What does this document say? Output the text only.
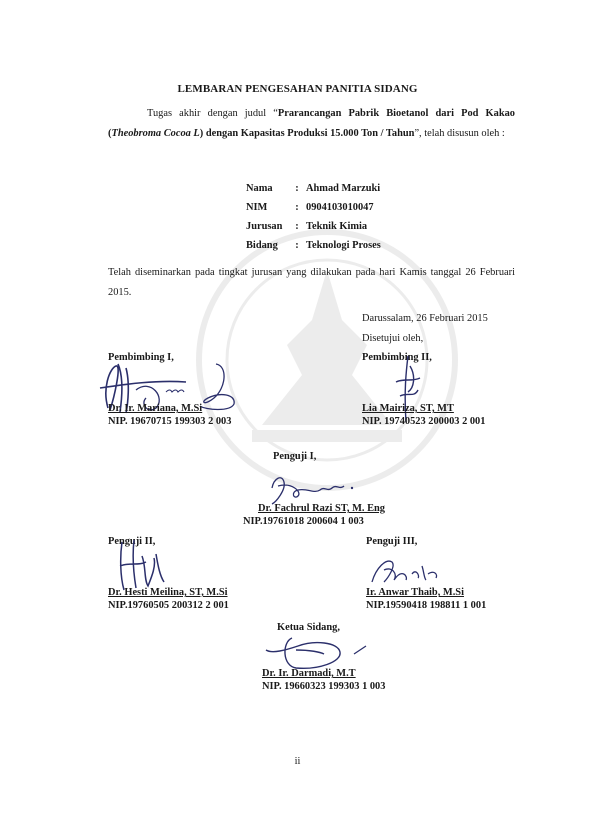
LEMBARAN PENGESAHAN PANITIA SIDANG
Tugas akhir dengan judul “Prarancangan Pabrik Bioetanol dari Pod Kakao (Theobroma Cocoa L) dengan Kapasitas Produksi 15.000 Ton / Tahun”, telah disusun oleh :
Nama	: Ahmad Marzuki
NIM	: 0904103010047
Jurusan	: Teknik Kimia
Bidang	: Teknologi Proses
Telah diseminarkan pada tingkat jurusan yang dilakukan pada hari Kamis tanggal 26 Februari 2015.
Darussalam, 26 Februari 2015
Disetujui oleh,
Pembimbing I,
Dr. Ir. Mariana, M.Si
NIP. 19670715 199303 2 003
Pembimbing II,
Lia Mairiza, ST, MT
NIP. 19740523 200003 2 001
Penguji I,
Dr. Fachrul Razi ST, M. Eng
NIP.19761018 200604 1 003
Penguji II,
Dr. Hesti Meilina, ST, M.Si
NIP.19760505 200312 2 001
Penguji III,
Ir. Anwar Thaib, M.Si
NIP.19590418 198811 1 001
Ketua Sidang,
Dr. Ir. Darmadi, M.T
NIP. 19660323 199303 1 003
ii
